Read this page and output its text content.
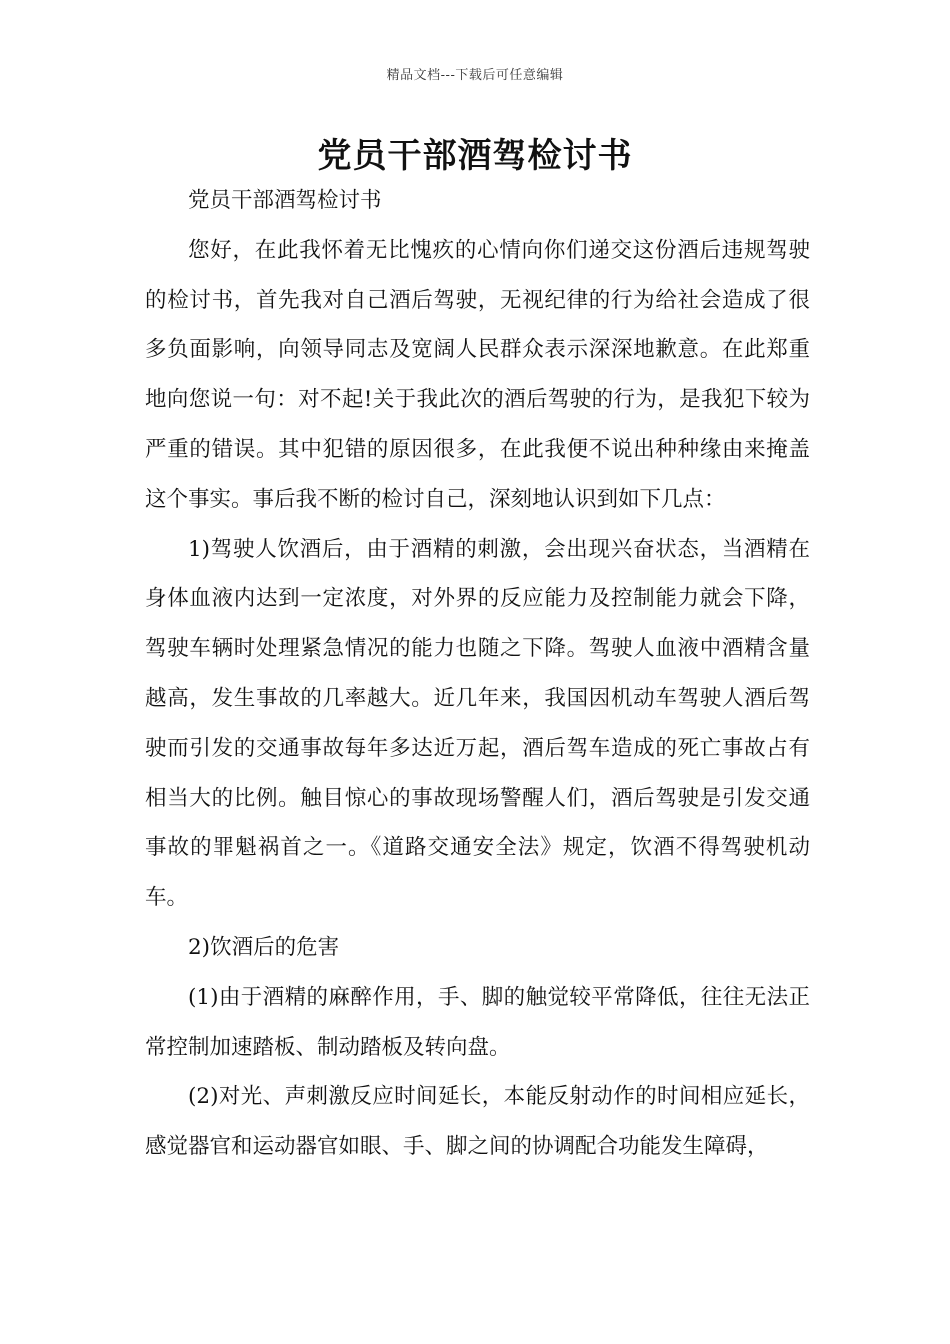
精品文档---下载后可任意编辑
党员干部酒驾检讨书

党员干部酒驾检讨书

您好，在此我怀着无比愧疚的心情向你们递交这份酒后违规驾驶的检讨书，首先我对自己酒后驾驶，无视纪律的行为给社会造成了很多负面影响，向领导同志及宽阔人民群众表示深深地歉意。在此郑重地向您说一句：对不起!关于我此次的酒后驾驶的行为，是我犯下较为严重的错误。其中犯错的原因很多，在此我便不说出种种缘由来掩盖这个事实。事后我不断的检讨自己，深刻地认识到如下几点：

1)驾驶人饮酒后，由于酒精的刺激，会出现兴奋状态，当酒精在身体血液内达到一定浓度，对外界的反应能力及控制能力就会下降，驾驶车辆时处理紧急情况的能力也随之下降。驾驶人血液中酒精含量越高，发生事故的几率越大。近几年来，我国因机动车驾驶人酒后驾驶而引发的交通事故每年多达近万起，酒后驾车造成的死亡事故占有相当大的比例。触目惊心的事故现场警醒人们，酒后驾驶是引发交通事故的罪魁祸首之一。《道路交通安全法》规定，饮酒不得驾驶机动车。

2)饮酒后的危害

(1)由于酒精的麻醉作用，手、脚的触觉较平常降低，往往无法正常控制加速踏板、制动踏板及转向盘。

(2)对光、声刺激反应时间延长，本能反射动作的时间相应延长，感觉器官和运动器官如眼、手、脚之间的协调配合功能发生障碍，
